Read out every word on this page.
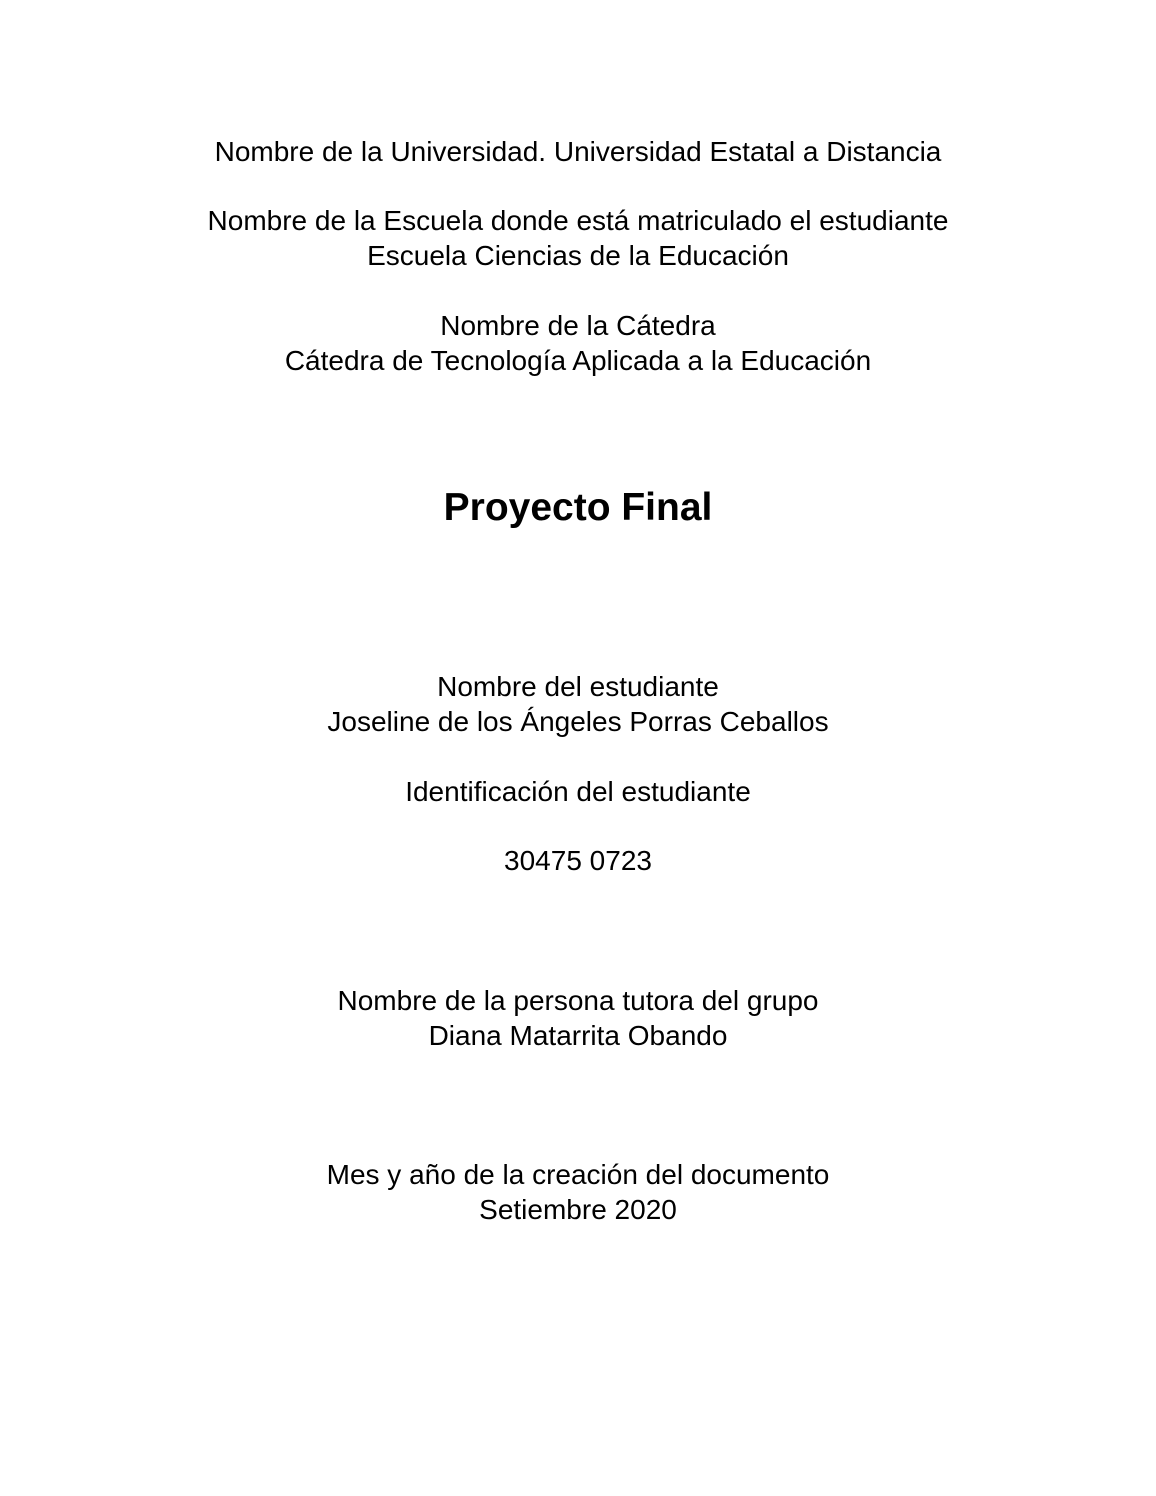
Nombre de la Universidad. Universidad Estatal a Distancia
Nombre de la Escuela donde está matriculado el estudiante
Escuela Ciencias de la Educación
Nombre de la Cátedra
Cátedra de Tecnología Aplicada a la Educación
Proyecto Final
Nombre del estudiante
Joseline de los Ángeles Porras Ceballos
Identificación del estudiante
30475 0723
Nombre de la persona tutora del grupo
Diana Matarrita Obando
Mes y año de la creación del documento
Setiembre 2020
